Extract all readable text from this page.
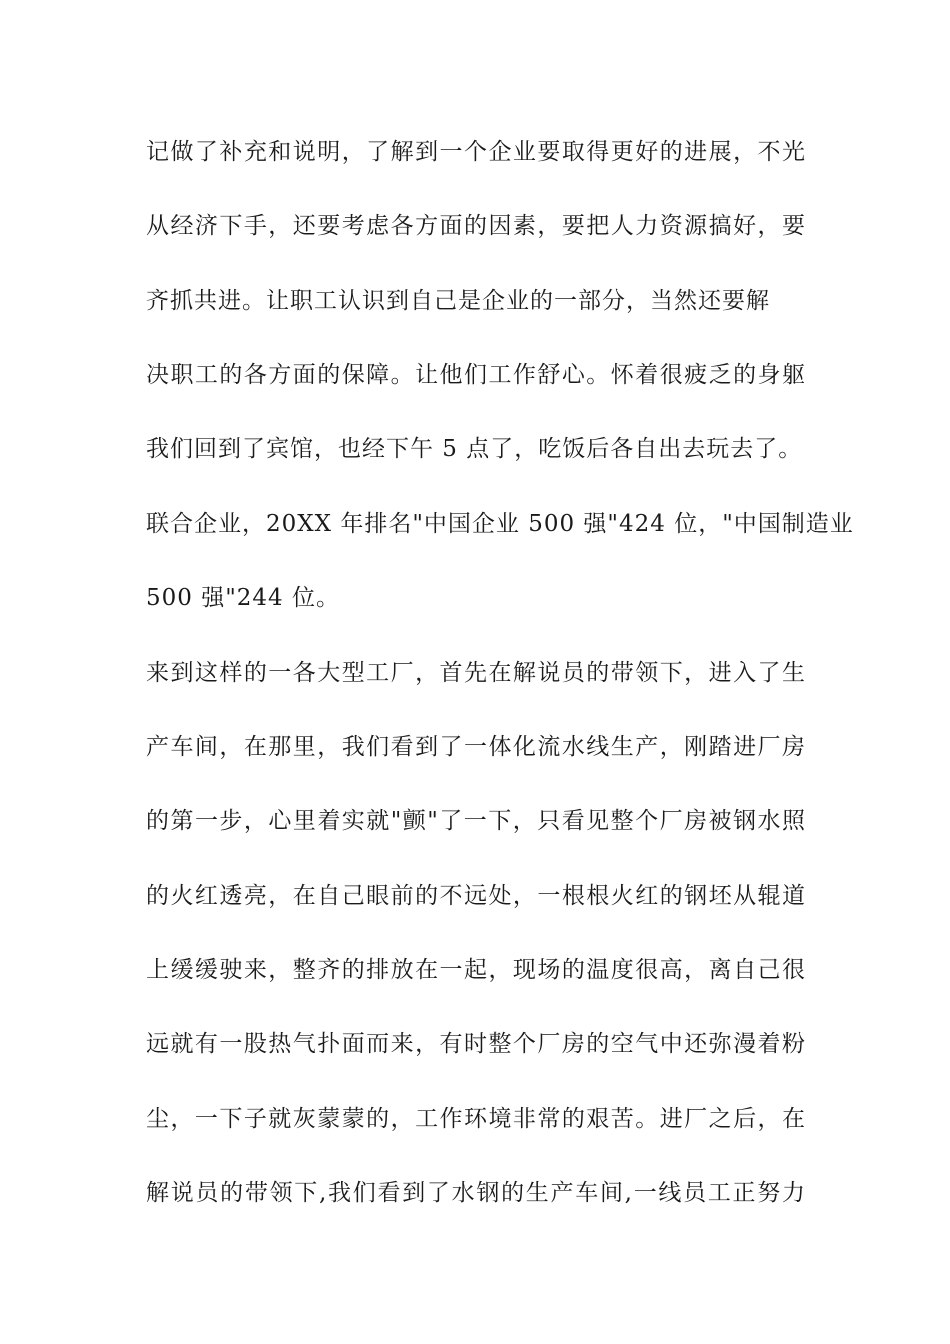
记做了补充和说明，了解到一个企业要取得更好的进展，不光
从经济下手，还要考虑各方面的因素，要把人力资源搞好，要
齐抓共进。让职工认识到自己是企业的一部分，当然还要解
决职工的各方面的保障。让他们工作舒心。怀着很疲乏的身躯
我们回到了宾馆，也经下午 5 点了，吃饭后各自出去玩去了。
联合企业，20XX 年排名"中国企业 500 强"424 位，"中国制造业
500 强"244 位。
来到这样的一各大型工厂，首先在解说员的带领下，进入了生
产车间，在那里，我们看到了一体化流水线生产，刚踏进厂房
的第一步，心里着实就"颤"了一下，只看见整个厂房被钢水照
的火红透亮，在自己眼前的不远处，一根根火红的钢坯从辊道
上缓缓驶来，整齐的排放在一起，现场的温度很高，离自己很
远就有一股热气扑面而来，有时整个厂房的空气中还弥漫着粉
尘，一下子就灰蒙蒙的，工作环境非常的艰苦。进厂之后，在
解说员的带领下,我们看到了水钢的生产车间,一线员工正努力
